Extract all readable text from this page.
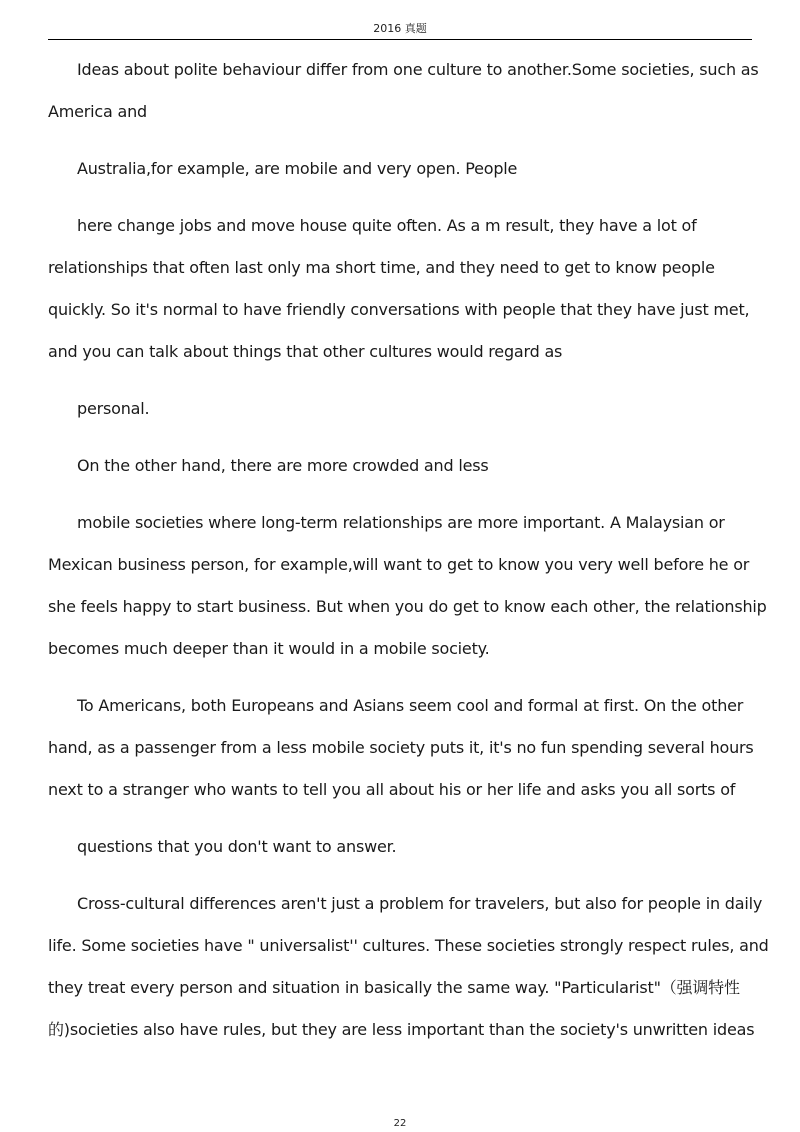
2016 真题
Ideas about polite behaviour differ from one culture to another.Some societies, such as
America and
Australia,for example, are mobile and very open. People
here change jobs and move house quite often. As a m result, they have a lot of
relationships that often last only ma short time, and they need to get to know people
quickly. So it's normal to have friendly conversations with people that they have just met,
and you can talk about things that other cultures would regard as
personal.
On the other hand, there are more crowded and less
mobile societies where long-term relationships are more important. A Malaysian or
Mexican business person, for example,will want to get to know you very well before he or
she feels happy to start business. But when you do get to know each other, the relationship
becomes much deeper than it would in a mobile society.
To Americans, both Europeans and Asians seem cool and formal at first. On the other
hand, as a passenger from a less mobile society puts it, it's no fun spending several hours
next to a stranger who wants to tell you all about his or her life and asks you all sorts of
questions that you don't want to answer.
Cross-cultural differences aren't just a problem for travelers, but also for people in daily
life. Some societies have " universalist'' cultures. These societies strongly respect rules, and
they treat every person and situation in basically the same way. "Particularist"（强调特性
的)societies also have rules, but they are less important than the society's unwritten ideas
22
